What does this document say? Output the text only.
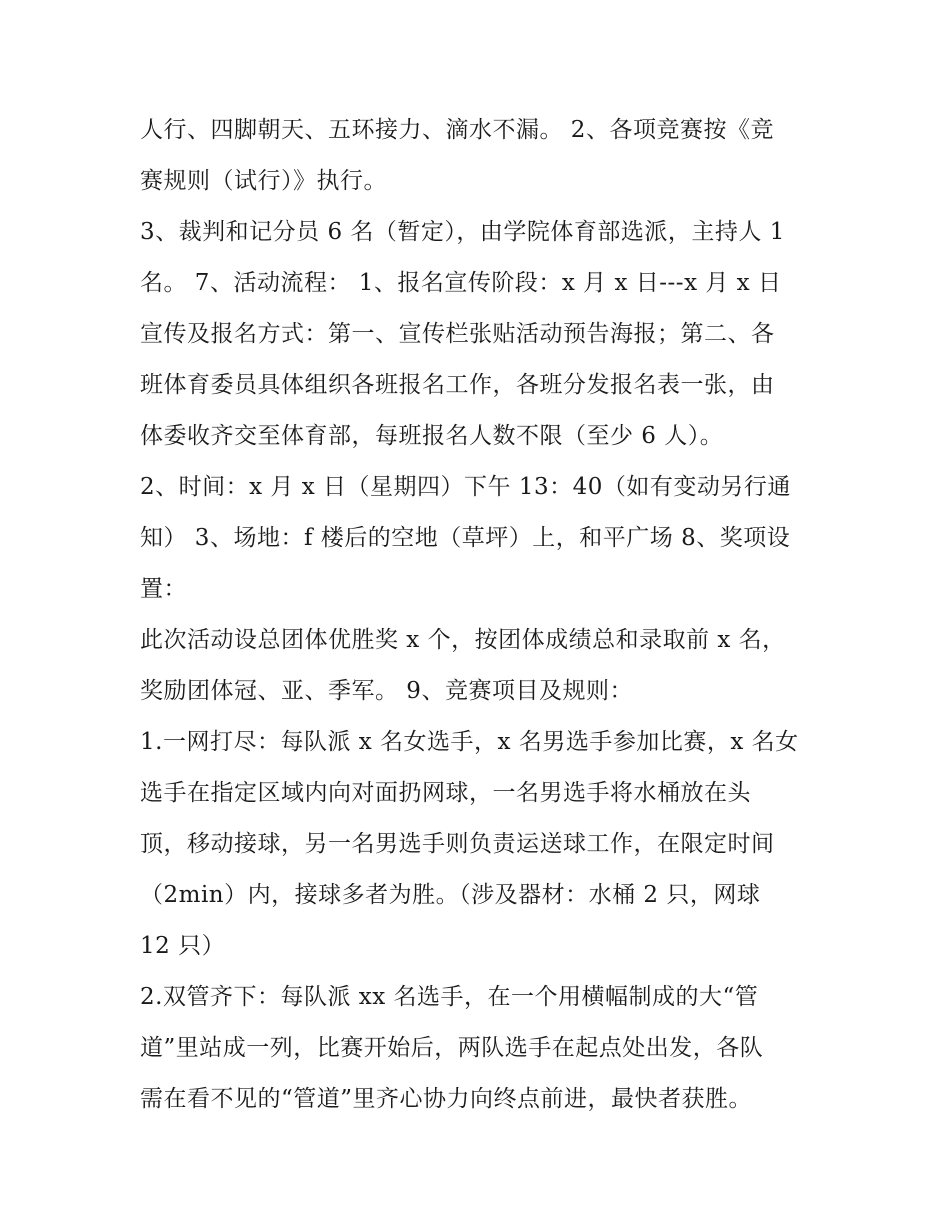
人行、四脚朝天、五环接力、滴水不漏。 2、各项竞赛按《竞
赛规则（试行）》执行。
3、裁判和记分员 6 名（暂定），由学院体育部选派，主持人 1
名。 7、活动流程： 1、报名宣传阶段：x 月 x 日---x 月 x 日
宣传及报名方式：第一、宣传栏张贴活动预告海报；第二、各
班体育委员具体组织各班报名工作，各班分发报名表一张，由
体委收齐交至体育部，每班报名人数不限（至少 6 人）。
2、时间：x 月 x 日（星期四）下午 13：40（如有变动另行通
知） 3、场地：f 楼后的空地（草坪）上，和平广场 8、奖项设
置：
此次活动设总团体优胜奖 x 个，按团体成绩总和录取前 x 名，
奖励团体冠、亚、季军。 9、竞赛项目及规则：
1.一网打尽：每队派 x 名女选手，x 名男选手参加比赛，x 名女
选手在指定区域内向对面扔网球，一名男选手将水桶放在头
顶，移动接球，另一名男选手则负责运送球工作，在限定时间
（2min）内，接球多者为胜。（涉及器材：水桶 2 只，网球
12 只）
2.双管齐下：每队派 xx 名选手，在一个用横幅制成的大“管
道”里站成一列，比赛开始后，两队选手在起点处出发，各队
需在看不见的“管道”里齐心协力向终点前进，最快者获胜。
